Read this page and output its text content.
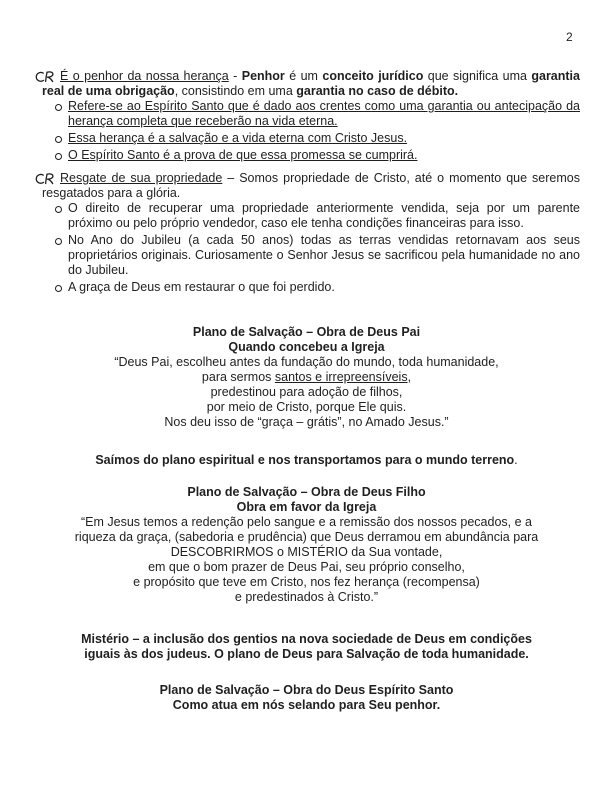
2
É o penhor da nossa herança - Penhor é um conceito jurídico que significa uma garantia real de uma obrigação, consistindo em uma garantia no caso de débito.
Refere-se ao Espírito Santo que é dado aos crentes como uma garantia ou antecipação da herança completa que receberão na vida eterna.
Essa herança é a salvação e a vida eterna com Cristo Jesus.
O Espírito Santo é a prova de que essa promessa se cumprirá.
Resgate de sua propriedade – Somos propriedade de Cristo, até o momento que seremos resgatados para a glória.
O direito de recuperar uma propriedade anteriormente vendida, seja por um parente próximo ou pelo próprio vendedor, caso ele tenha condições financeiras para isso.
No Ano do Jubileu (a cada 50 anos) todas as terras vendidas retornavam aos seus proprietários originais. Curiosamente o Senhor Jesus se sacrificou pela humanidade no ano do Jubileu.
A graça de Deus em restaurar o que foi perdido.
Plano de Salvação – Obra de Deus Pai
Quando concebeu a Igreja
“Deus Pai, escolheu antes da fundação do mundo, toda humanidade,
para sermos santos e irrepreensíveis,
predestinou para adoção de filhos,
por meio de Cristo, porque Ele quis.
Nos deu isso de “graça – grátis”, no Amado Jesus.”
Saímos do plano espiritual e nos transportamos para o mundo terreno.
Plano de Salvação – Obra de Deus Filho
Obra em favor da Igreja
“Em Jesus temos a redenção pelo sangue e a remissão dos nossos pecados, e a
riqueza da graça, (sabedoria e prudência) que Deus derramou em abundância para
DESCOBRIRMOS o MISTÉRIO da Sua vontade,
em que o bom prazer de Deus Pai, seu próprio conselho,
e propósito que teve em Cristo, nos fez herança (recompensa)
e predestinados à Cristo.”
Mistério – a inclusão dos gentios na nova sociedade de Deus em condições
iguais às dos judeus. O plano de Deus para Salvação de toda humanidade.
Plano de Salvação – Obra do Deus Espírito Santo
Como atua em nós selando para Seu penhor.
